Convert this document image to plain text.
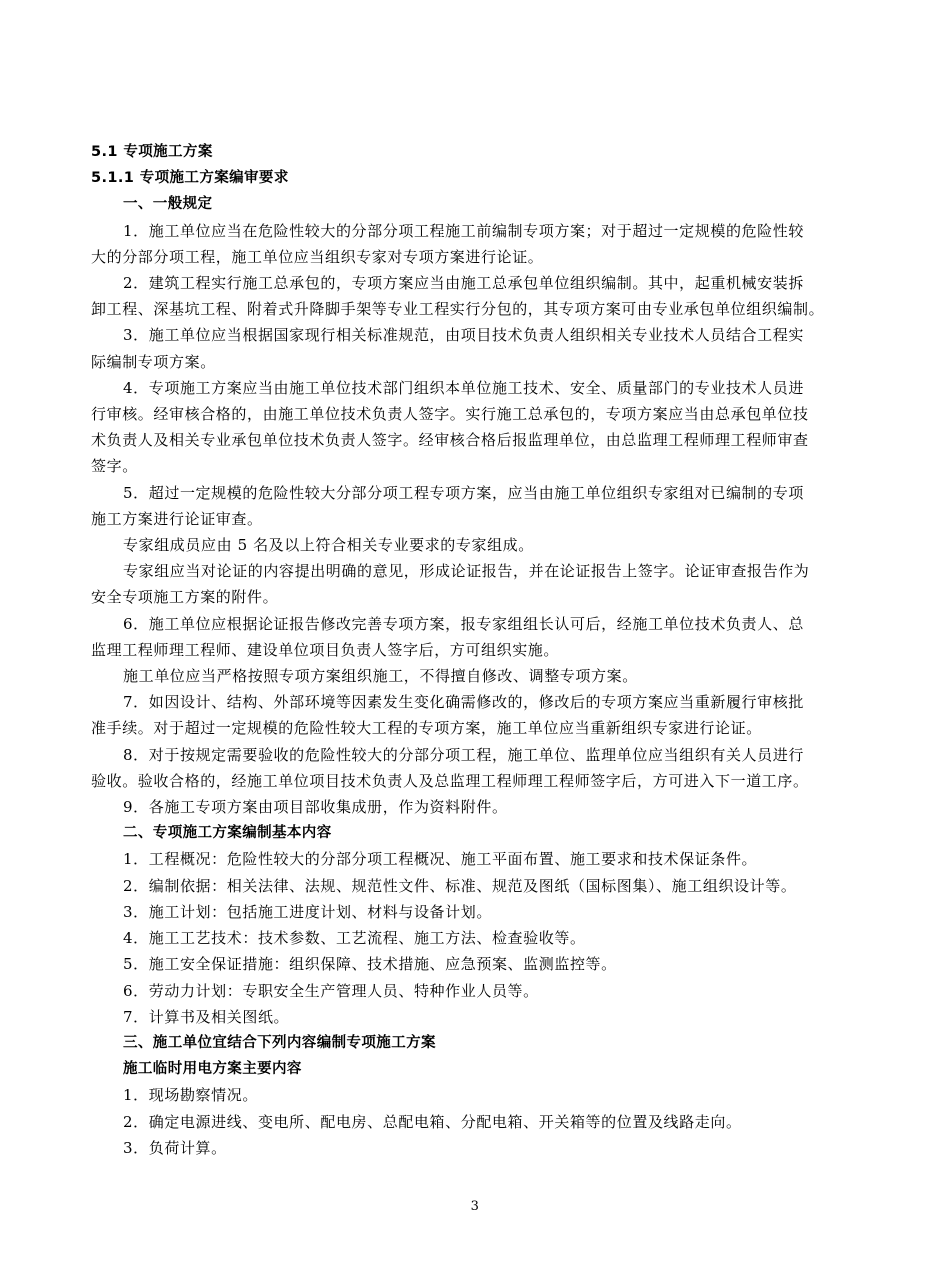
5.1 专项施工方案
5.1.1 专项施工方案编审要求
一、一般规定
1．施工单位应当在危险性较大的分部分项工程施工前编制专项方案；对于超过一定规模的危险性较
大的分部分项工程，施工单位应当组织专家对专项方案进行论证。
2．建筑工程实行施工总承包的，专项方案应当由施工总承包单位组织编制。其中，起重机械安装拆
卸工程、深基坑工程、附着式升降脚手架等专业工程实行分包的，其专项方案可由专业承包单位组织编制。
3．施工单位应当根据国家现行相关标准规范，由项目技术负责人组织相关专业技术人员结合工程实
际编制专项方案。
4．专项施工方案应当由施工单位技术部门组织本单位施工技术、安全、质量部门的专业技术人员进
行审核。经审核合格的，由施工单位技术负责人签字。实行施工总承包的，专项方案应当由总承包单位技
术负责人及相关专业承包单位技术负责人签字。经审核合格后报监理单位，由总监理工程师理工程师审查
签字。
5．超过一定规模的危险性较大分部分项工程专项方案，应当由施工单位组织专家组对已编制的专项
施工方案进行论证审查。
专家组成员应由 5 名及以上符合相关专业要求的专家组成。
专家组应当对论证的内容提出明确的意见，形成论证报告，并在论证报告上签字。论证审查报告作为
安全专项施工方案的附件。
6．施工单位应根据论证报告修改完善专项方案，报专家组组长认可后，经施工单位技术负责人、总
监理工程师理工程师、建设单位项目负责人签字后，方可组织实施。
施工单位应当严格按照专项方案组织施工，不得擅自修改、调整专项方案。
7．如因设计、结构、外部环境等因素发生变化确需修改的，修改后的专项方案应当重新履行审核批
准手续。对于超过一定规模的危险性较大工程的专项方案，施工单位应当重新组织专家进行论证。
8．对于按规定需要验收的危险性较大的分部分项工程，施工单位、监理单位应当组织有关人员进行
验收。验收合格的，经施工单位项目技术负责人及总监理工程师理工程师签字后，方可进入下一道工序。
9．各施工专项方案由项目部收集成册，作为资料附件。
二、专项施工方案编制基本内容
1．工程概况：危险性较大的分部分项工程概况、施工平面布置、施工要求和技术保证条件。
2．编制依据：相关法律、法规、规范性文件、标准、规范及图纸（国标图集）、施工组织设计等。
3．施工计划：包括施工进度计划、材料与设备计划。
4．施工工艺技术：技术参数、工艺流程、施工方法、检查验收等。
5．施工安全保证措施：组织保障、技术措施、应急预案、监测监控等。
6．劳动力计划：专职安全生产管理人员、特种作业人员等。
7．计算书及相关图纸。
三、施工单位宜结合下列内容编制专项施工方案
施工临时用电方案主要内容
1．现场勘察情况。
2．确定电源进线、变电所、配电房、总配电箱、分配电箱、开关箱等的位置及线路走向。
3．负荷计算。
3
